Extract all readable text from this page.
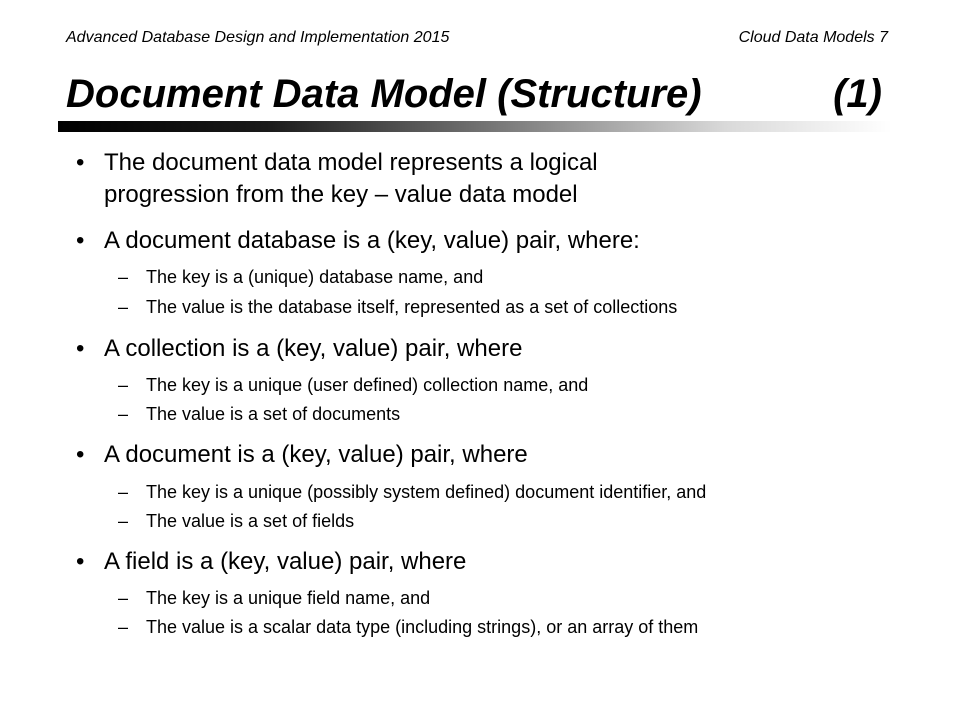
Advanced Database Design and Implementation 2015	Cloud Data Models 7
Document Data Model (Structure)	(1)
• The document data model represents a logical
progression from the key – value data model
• A document database is a (key, value) pair, where:
– The key is a (unique) database name, and
– The value is the database itself, represented as a set of collections
• A collection is a (key, value) pair, where
– The key is a unique (user defined) collection name, and
– The value is a set of documents
• A document is a (key, value) pair, where
– The key is a unique (possibly system defined) document identifier, and
– The value is a set of fields
• A field is a (key, value) pair, where
– The key is a unique field name, and
– The value is a scalar data type (including strings), or an array of them
